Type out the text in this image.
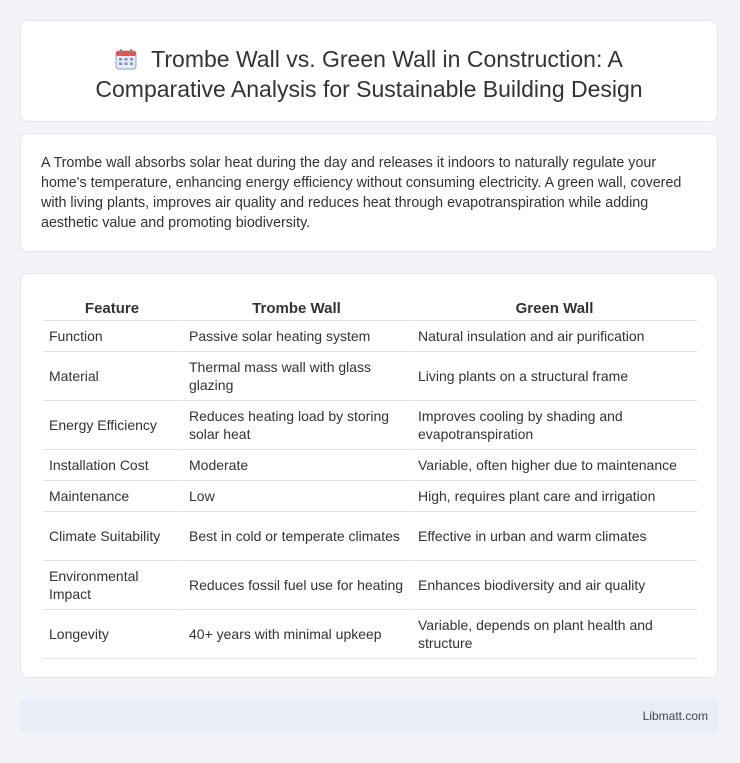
Trombe Wall vs. Green Wall in Construction: A
Comparative Analysis for Sustainable Building Design

A Trombe wall absorbs solar heat during the day and releases it indoors to naturally regulate your home's temperature, enhancing energy efficiency without consuming electricity. A green wall, covered with living plants, improves air quality and reduces heat through evapotranspiration while adding aesthetic value and promoting biodiversity.

Feature	Trombe Wall	Green Wall
Function	Passive solar heating system	Natural insulation and air purification
Material	Thermal mass wall with glass glazing	Living plants on a structural frame
Energy Efficiency	Reduces heating load by storing solar heat	Improves cooling by shading and evapotranspiration
Installation Cost	Moderate	Variable, often higher due to maintenance
Maintenance	Low	High, requires plant care and irrigation
Climate Suitability	Best in cold or temperate climates	Effective in urban and warm climates
Environmental Impact	Reduces fossil fuel use for heating	Enhances biodiversity and air quality
Longevity	40+ years with minimal upkeep	Variable, depends on plant health and structure
Libmatt.com
